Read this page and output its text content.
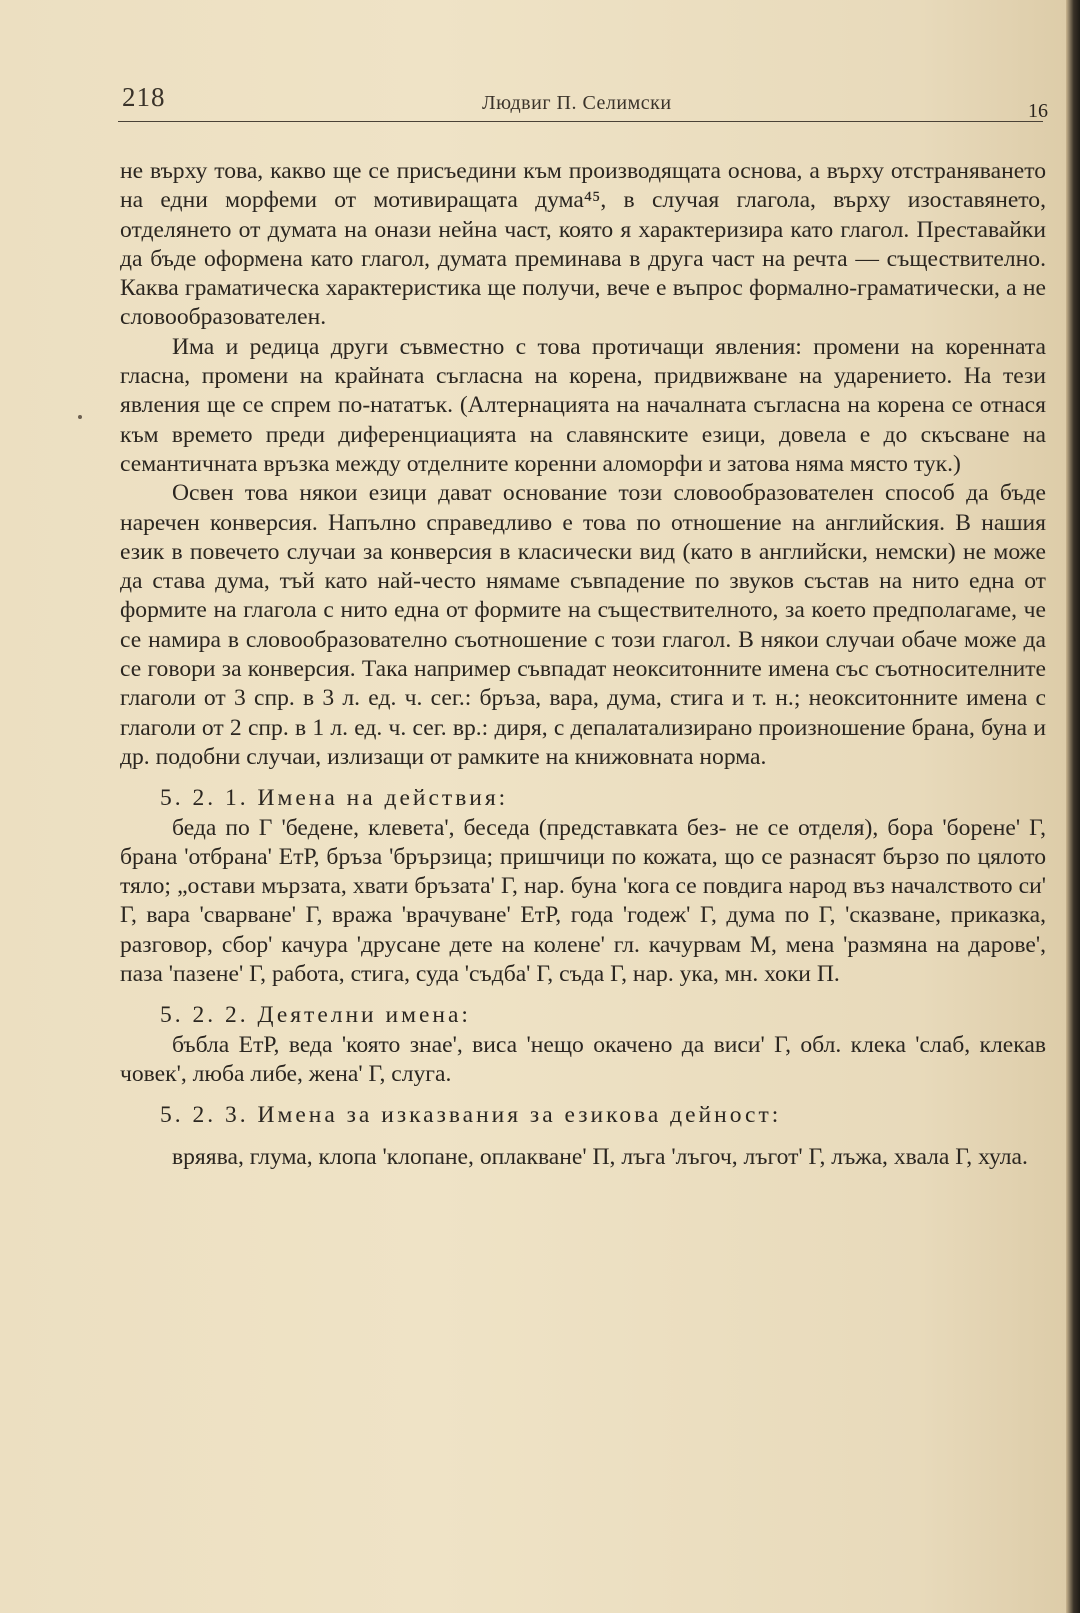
218	Людвиг П. Селимски	16

не върху това, какво ще се присъедини към производящата основа, а върху отстраняването на едни морфеми от мотивиращата дума⁴⁵, в случая глагола, върху изоставянето, отделянето от думата на онази нейна част, която я характеризира като глагол. Преставайки да бъде оформена като глагол, думата преминава в друга част на речта — съществително. Каква граматическа характеристика ще получи, вече е въпрос формално-граматически, а не словообразователен.

Има и редица други съвместно с това протичащи явления: промени на коренната гласна, промени на крайната съгласна на корена, придвижване на ударението. На тези явления ще се спрем по-нататък. (Алтернацията на началната съгласна на корена се отнася към времето преди диференциацията на славянските езици, довела е до скъсване на семантичната връзка между отделните коренни аломорфи и затова няма място тук.)

Освен това някои езици дават основание този словообразователен способ да бъде наречен конверсия. Напълно справедливо е това по отношение на английския. В нашия език в повечето случаи за конверсия в класически вид (като в английски, немски) не може да става дума, тъй като най-често нямаме съвпадение по звуков състав на нито една от формите на глагола с нито една от формите на съществителното, за което предполагаме, че се намира в словообразователно съотношение с този глагол. В някои случаи обаче може да се говори за конверсия. Така например съвпадат неокситонните имена със съотносителните глаголи от 3 спр. в 3 л. ед. ч. сег.: бръза, вара, дума, стига и т. н.; неокситонните имена с глаголи от 2 спр. в 1 л. ед. ч. сег. вр.: диря, с депалатализирано произношение брана, буна и др. подобни случаи, излизащи от рамките на книжовната норма.

5. 2. 1. Имена на действия:

беда по Г 'бедене, клевета', беседа (представката без- не се отделя), бора 'борене' Г, брана 'отбрана' ЕтР, бръза 'брързица; пришчици по кожата, що се разнасят бързо по цялото тяло; „остави мързата, хвати бръзата' Г, нар. буна 'кога се повдига народ въз началството си' Г, вара 'сварване' Г, вража 'врачуване' ЕтР, года 'годеж' Г, дума по Г, 'сказване, приказка, разговор, сбор' качура 'друсане дете на колене' гл. качурвам М, мена 'размяна на дарове', паза 'пазене' Г, работа, стига, суда 'съдба' Г, съда Г, нар. ука, мн. хоки П.

5. 2. 2. Деятелни имена:

бъбла ЕтР, веда 'която знае', виса 'нещо окачено да виси' Г, обл. клека 'слаб, клекав човек', люба либе, жена' Г, слуга.

5. 2. 3. Имена за изказвания за езикова дейност:

вряява, глума, клопа 'клопане, оплакване' П, лъга 'лъгоч, лъгот' Г, лъжа, хвала Г, хула.
